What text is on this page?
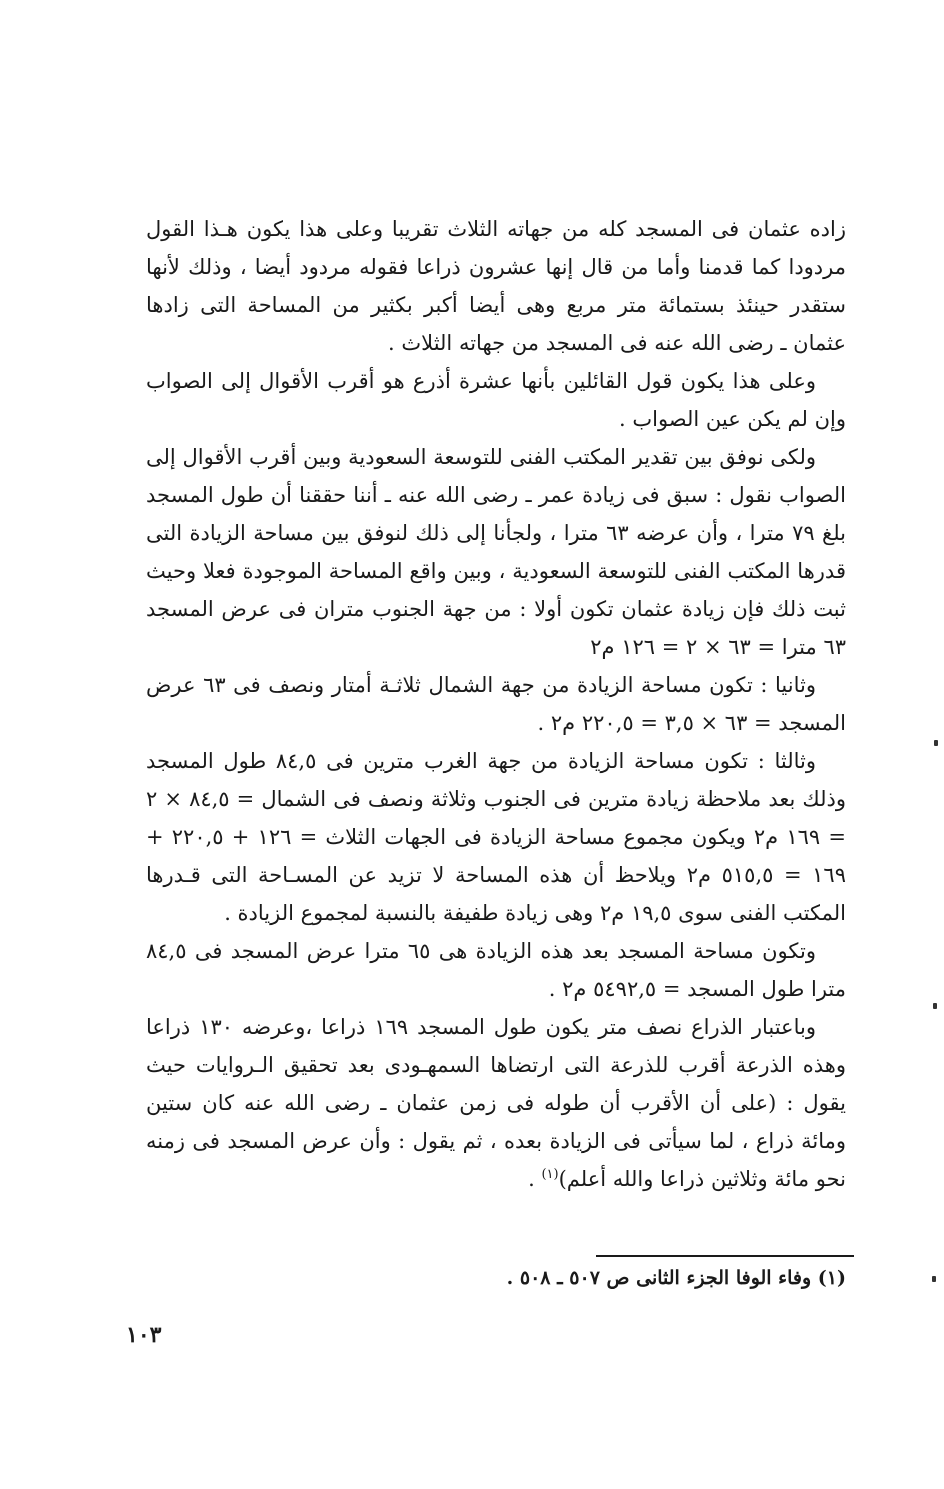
زاده عثمان فى المسجد كله من جهاته الثلاث تقريبا وعلى هذا يكون هـذا القول مردودا كما قدمنا وأما من قال إنها عشرون ذراعا فقوله مردود أيضا ، وذلك لأنها ستقدر حينئذ بستمائة متر مربع وهى أيضا أكبر بكثير من المساحة التى زادها عثمان ـ رضى الله عنه فى المسجد من جهاته الثلاث .

وعلى هذا يكون قول القائلين بأنها عشرة أذرع هو أقرب الأقوال إلى الصواب وإن لم يكن عين الصواب .

ولكى نوفق بين تقدير المكتب الفنى للتوسعة السعودية وبين أقرب الأقوال إلى الصواب نقول : سبق فى زيادة عمر ـ رضى الله عنه ـ أننا حققنا أن طول المسجد بلغ ٧٩ مترا ، وأن عرضه ٦٣ مترا ، ولجأنا إلى ذلك لنوفق بين مساحة الزيادة التى قدرها المكتب الفنى للتوسعة السعودية ، وبين واقع المساحة الموجودة فعلا وحيث ثبت ذلك فإن زيادة عثمان تكون أولا : من جهة الجنوب متران فى عرض المسجد ٦٣ مترا = ٦٣ × ٢ = ١٢٦ م٢

وثانيا : تكون مساحة الزيادة من جهة الشمال ثلاثـة أمتار ونصف فى ٦٣ عرض المسجد = ٦٣ × ٣,٥ = ٢٢٠,٥ م٢ .

وثالثا : تكون مساحة الزيادة من جهة الغرب مترين فى ٨٤,٥ طول المسجد وذلك بعد ملاحظة زيادة مترين فى الجنوب وثلاثة ونصف فى الشمال = ٨٤,٥ × ٢ = ١٦٩ م٢ ويكون مجموع مساحة الزيادة فى الجهات الثلاث = ١٢٦ + ٢٢٠,٥ + ١٦٩ = ٥١٥,٥ م٢ ويلاحظ أن هذه المساحة لا تزيد عن المسـاحة التى قـدرها المكتب الفنى سوى ١٩,٥ م٢ وهى زيادة طفيفة بالنسبة لمجموع الزيادة .

وتكون مساحة المسجد بعد هذه الزيادة هى ٦٥ مترا عرض المسجد فى ٨٤,٥ مترا طول المسجد = ٥٤٩٢,٥ م٢ .

وباعتبار الذراع نصف متر يكون طول المسجد ١٦٩ ذراعا ،وعرضه ١٣٠ ذراعا وهذه الذرعة أقرب للذرعة التى ارتضاها السمهـودى بعد تحقيق الـروايات حيث يقول : (على أن الأقرب أن طوله فى زمن عثمان ـ رضى الله عنه كان ستين ومائة ذراع ، لما سيأتى فى الزيادة بعده ، ثم يقول : وأن عرض المسجد فى زمنه نحو مائة وثلاثين ذراعا والله أعلم)$^{(١)}$ .

(١) وفاء الوفا الجزء الثانى ص ٥٠٧ ـ ٥٠٨ .
١٠٣
